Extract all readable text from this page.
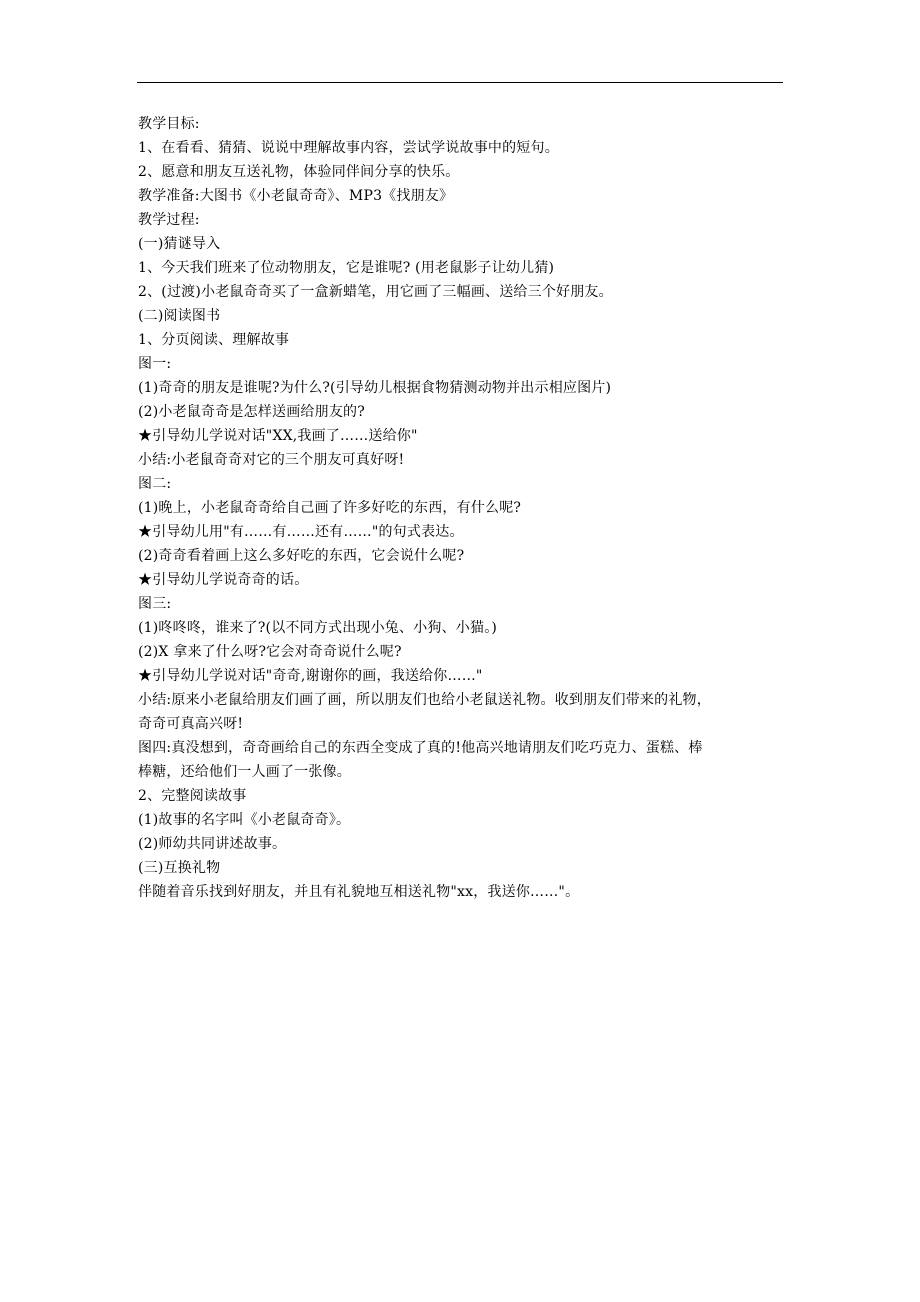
教学目标:
1、在看看、猜猜、说说中理解故事内容，尝试学说故事中的短句。
2、愿意和朋友互送礼物，体验同伴间分享的快乐。
教学准备:大图书《小老鼠奇奇》、MP3《找朋友》
教学过程:
(一)猜谜导入
1、今天我们班来了位动物朋友，它是谁呢? (用老鼠影子让幼儿猜)
2、(过渡)小老鼠奇奇买了一盒新蜡笔，用它画了三幅画、送给三个好朋友。
(二)阅读图书
1、分页阅读、理解故事
图一:
(1)奇奇的朋友是谁呢?为什么?(引导幼儿根据食物猜测动物并出示相应图片)
(2)小老鼠奇奇是怎样送画给朋友的?
★引导幼儿学说对话"XX,我画了……送给你"
小结:小老鼠奇奇对它的三个朋友可真好呀!
图二:
(1)晚上，小老鼠奇奇给自己画了许多好吃的东西，有什么呢?
★引导幼儿用"有……有……还有……"的句式表达。
(2)奇奇看着画上这么多好吃的东西，它会说什么呢?
★引导幼儿学说奇奇的话。
图三:
(1)咚咚咚，谁来了?(以不同方式出现小兔、小狗、小猫。)
(2)X 拿来了什么呀?它会对奇奇说什么呢?
★引导幼儿学说对话"奇奇,谢谢你的画，我送给你……"
小结:原来小老鼠给朋友们画了画，所以朋友们也给小老鼠送礼物。收到朋友们带来的礼物，
奇奇可真高兴呀!
图四:真没想到，奇奇画给自己的东西全变成了真的!他高兴地请朋友们吃巧克力、蛋糕、棒
棒糖，还给他们一人画了一张像。
2、完整阅读故事
(1)故事的名字叫《小老鼠奇奇》。
(2)师幼共同讲述故事。
(三)互换礼物
伴随着音乐找到好朋友，并且有礼貌地互相送礼物"xx，我送你……"。
